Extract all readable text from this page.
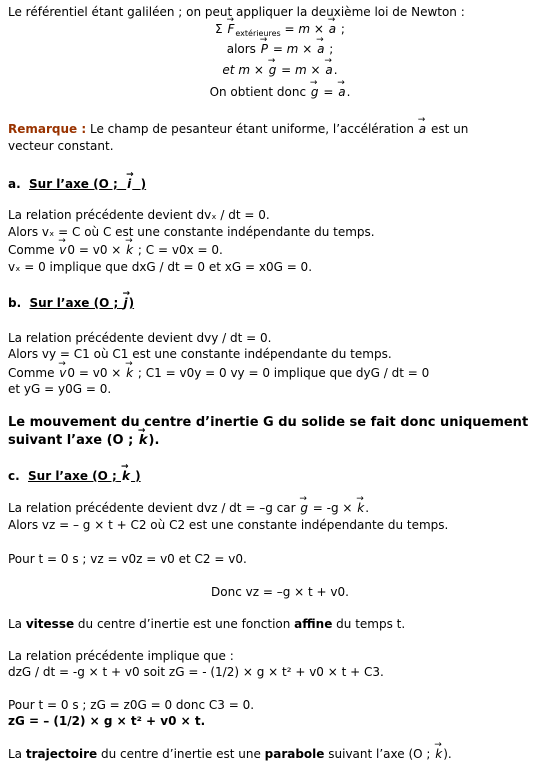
Le référentiel étant galiléen ; on peut appliquer la deuxième loi de Newton :
$\Sigma \to F_{extérieures} = m$ × → a ;
alors → P = m × → a ;
et m × → g = m × → a.
On obtient donc → g = → a.
Remarque : Le champ de pesanteur étant uniforme, l’accélération → a est un
vecteur constant.
a. Sur l’axe (O ; → i )
La relation précédente devient dvₓ / dt = 0.
Alors vₓ = C où C est une constante indépendante du temps.
Comme → v0 = v0 × → k ; C = v0x = 0.
vₓ = 0 implique que dxG / dt = 0 et xG = x0G = 0.
b. Sur l’axe (O ; → j)
La relation précédente devient dvy / dt = 0.
Alors vy = C1 où C1 est une constante indépendante du temps.
Comme → v0 = v0 × → k ; C1 = v0y = 0 vy = 0 implique que dyG / dt = 0
et yG = y0G = 0.
Le mouvement du centre d’inertie G du solide se fait donc uniquement
suivant l’axe (O ; → k).
c. Sur l’axe (O ; → k )
La relation précédente devient dvz / dt = –g car → g = -g × → k.
Alors vz = – g × t + C2 où C2 est une constante indépendante du temps.
Pour t = 0 s ; vz = v0z = v0 et C2 = v0.
Donc vz = –g × t + v0.
La vitesse du centre d’inertie est une fonction affine du temps t.
La relation précédente implique que :
dzG / dt = -g × t + v0 soit zG = - (1/2) × g × t² + v0 × t + C3.
Pour t = 0 s ; zG = z0G = 0 donc C3 = 0.
zG = – (1/2) × g × t² + v0 × t.
La trajectoire du centre d’inertie est une parabole suivant l’axe (O ; → k).
